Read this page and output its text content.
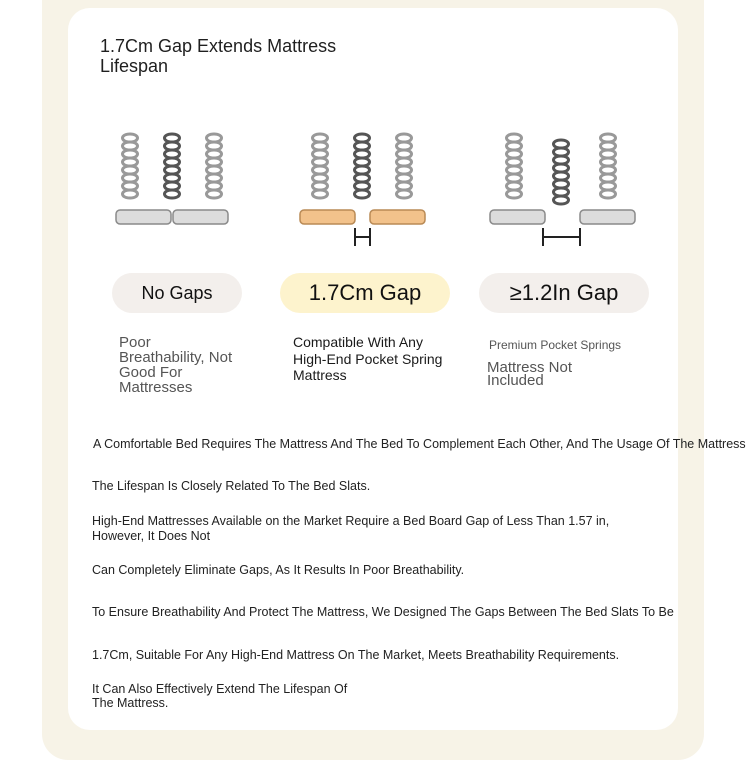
1.7Cm Gap Extends Mattress Lifespan
No Gaps	1.7Cm Gap	≥1.2In Gap
Poor Breathability, Not Good For Mattresses
Compatible With Any High-End Pocket Spring Mattress
Premium Pocket Springs
Mattress Not Included
A Comfortable Bed Requires The Mattress And The Bed To Complement Each Other, And The Usage Of The Mattress
The Lifespan Is Closely Related To The Bed Slats.
High-End Mattresses Available on the Market Require a Bed Board Gap of Less Than 1.57 in, However, It Does Not
Can Completely Eliminate Gaps, As It Results In Poor Breathability.
To Ensure Breathability And Protect The Mattress, We Designed The Gaps Between The Bed Slats To Be
1.7Cm, Suitable For Any High-End Mattress On The Market, Meets Breathability Requirements.
It Can Also Effectively Extend The Lifespan Of The Mattress.
